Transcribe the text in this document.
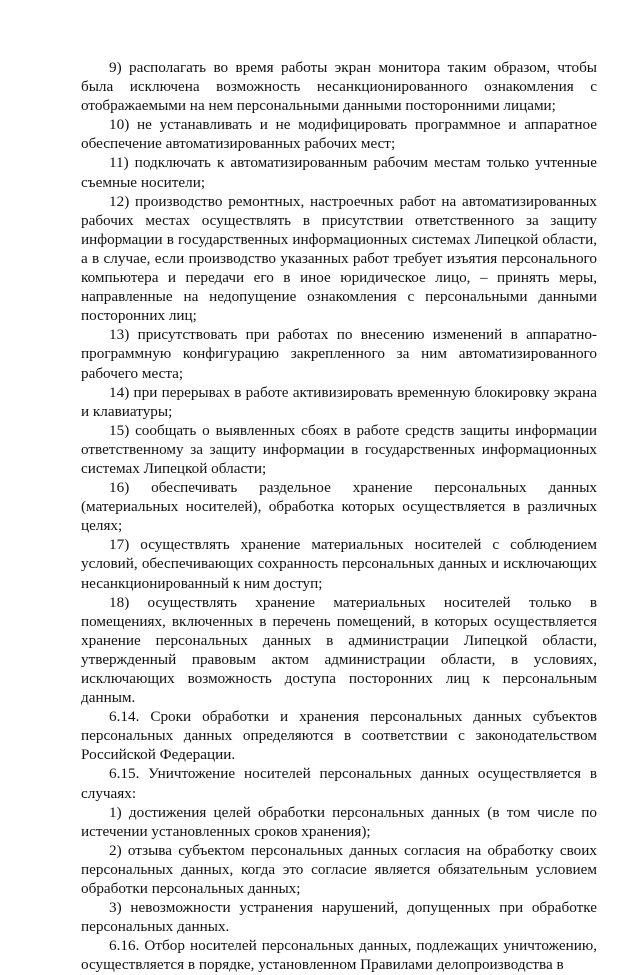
9) располагать во время работы экран монитора таким образом, чтобы была исключена возможность несанкционированного ознакомления с отображаемыми на нем персональными данными посторонними лицами;

10) не устанавливать и не модифицировать программное и аппаратное обеспечение автоматизированных рабочих мест;

11) подключать к автоматизированным рабочим местам только учтенные съемные носители;

12) производство ремонтных, настроечных работ на автоматизированных рабочих местах осуществлять в присутствии ответственного за защиту информации в государственных информационных системах Липецкой области, а в случае, если производство указанных работ требует изъятия персонального компьютера и передачи его в иное юридическое лицо, – принять меры, направленные на недопущение ознакомления с персональными данными посторонних лиц;

13) присутствовать при работах по внесению изменений в аппаратно-программную конфигурацию закрепленного за ним автоматизированного рабочего места;

14) при перерывах в работе активизировать временную блокировку экрана и клавиатуры;

15) сообщать о выявленных сбоях в работе средств защиты информации ответственному за защиту информации в государственных информационных системах Липецкой области;

16) обеспечивать раздельное хранение персональных данных (материальных носителей), обработка которых осуществляется в различных целях;

17) осуществлять хранение материальных носителей с соблюдением условий, обеспечивающих сохранность персональных данных и исключающих несанкционированный к ним доступ;

18) осуществлять хранение материальных носителей только в помещениях, включенных в перечень помещений, в которых осуществляется хранение персональных данных в администрации Липецкой области, утвержденный правовым актом администрации области, в условиях, исключающих возможность доступа посторонних лиц к персональным данным.

6.14. Сроки обработки и хранения персональных данных субъектов персональных данных определяются в соответствии с законодательством Российской Федерации.

6.15. Уничтожение носителей персональных данных осуществляется в случаях:

1) достижения целей обработки персональных данных (в том числе по истечении установленных сроков хранения);

2) отзыва субъектом персональных данных согласия на обработку своих персональных данных, когда это согласие является обязательным условием обработки персональных данных;

3) невозможности устранения нарушений, допущенных при обработке персональных данных.

6.16. Отбор носителей персональных данных, подлежащих уничтожению, осуществляется в порядке, установленном Правилами делопроизводства в
